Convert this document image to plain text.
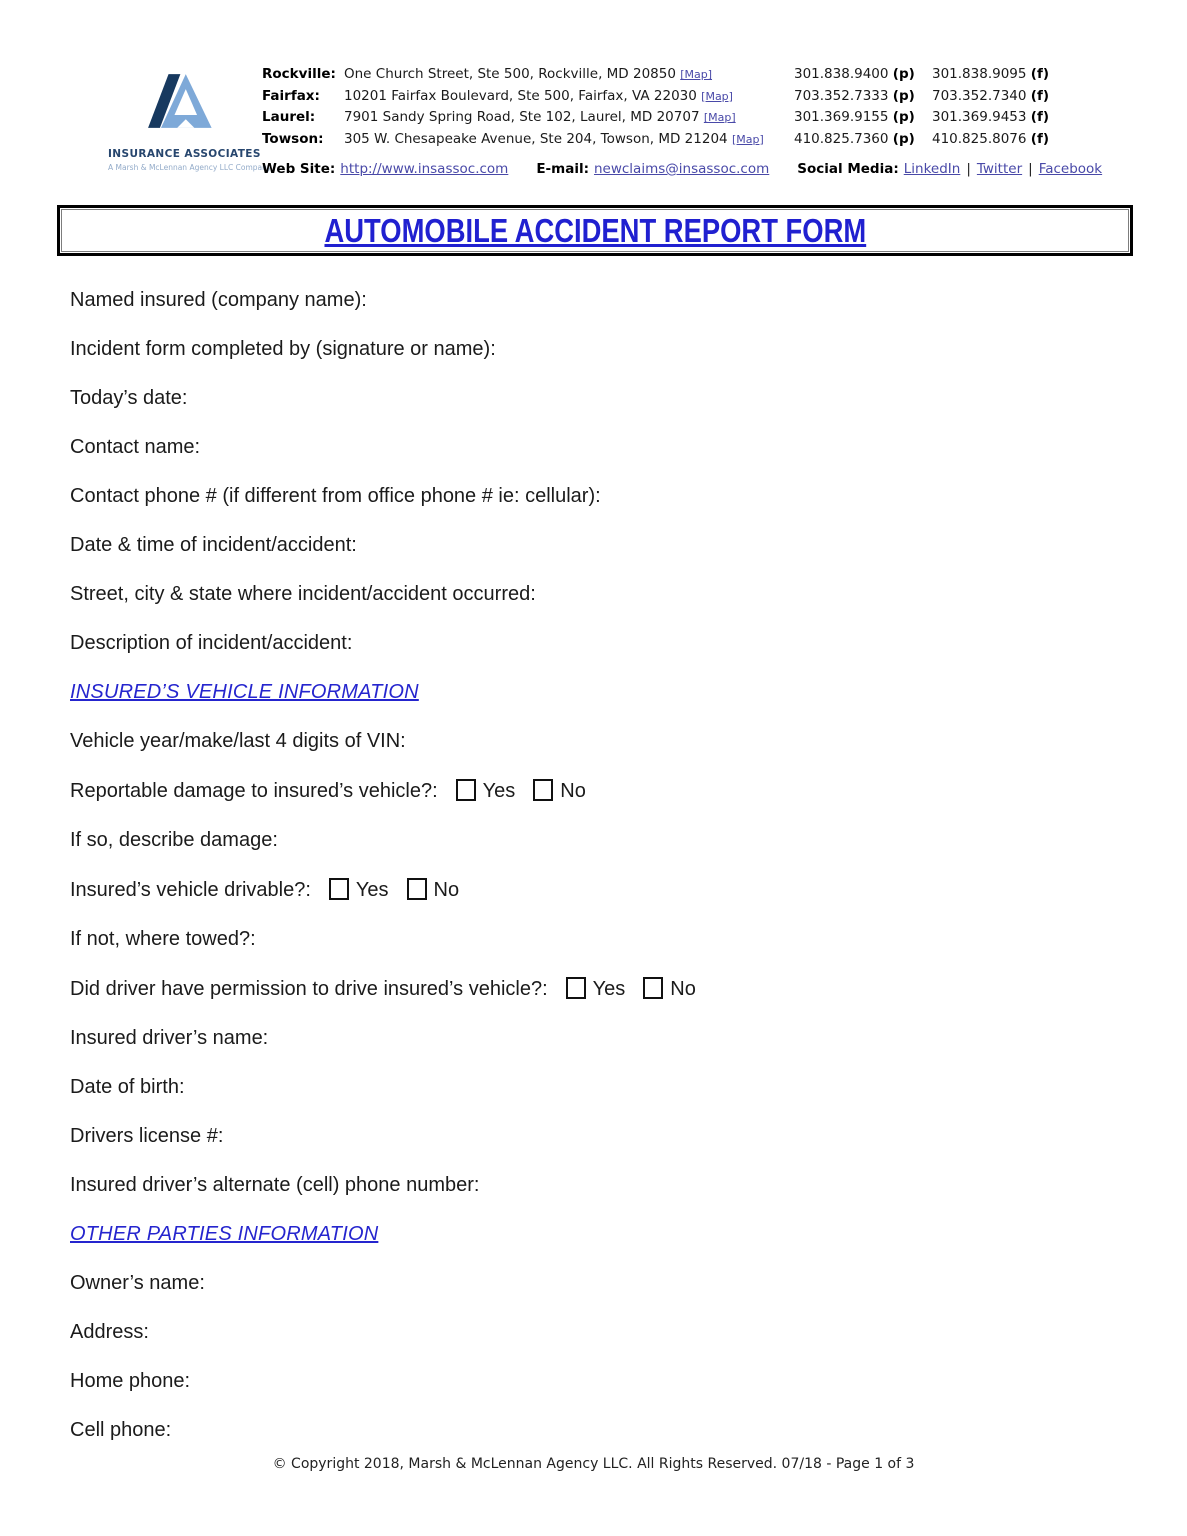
INSURANCE ASSOCIATES
A Marsh & McLennan Agency LLC Company
Rockville: One Church Street, Ste 500, Rockville, MD 20850 [Map]	301.838.9400 (p)	301.838.9095 (f)
Fairfax:	10201 Fairfax Boulevard, Ste 500, Fairfax, VA 22030 [Map]	703.352.7333 (p)	703.352.7340 (f)
Laurel:	7901 Sandy Spring Road, Ste 102, Laurel, MD 20707 [Map]	301.369.9155 (p)	301.369.9453 (f)
Towson:	305 W. Chesapeake Avenue, Ste 204, Towson, MD 21204 [Map]	410.825.7360 (p)	410.825.8076 (f)
Web Site: http://www.insassoc.com E-mail: newclaims@insassoc.com Social Media: LinkedIn | Twitter | Facebook
AUTOMOBILE ACCIDENT REPORT FORM
Named insured (company name):
Incident form completed by (signature or name):
Today’s date:
Contact name:
Contact phone # (if different from office phone # ie: cellular):
Date & time of incident/accident:
Street, city & state where incident/accident occurred:
Description of incident/accident:
INSURED’S VEHICLE INFORMATION
Vehicle year/make/last 4 digits of VIN:
Reportable damage to insured’s vehicle?: Yes No
If so, describe damage:
Insured’s vehicle drivable?: Yes No
If not, where towed?:
Did driver have permission to drive insured’s vehicle?: Yes No
Insured driver’s name:
Date of birth:
Drivers license #:
Insured driver’s alternate (cell) phone number:
OTHER PARTIES INFORMATION
Owner’s name:
Address:
Home phone:
Cell phone:
© Copyright 2018, Marsh & McLennan Agency LLC. All Rights Reserved. 07/18 - Page 1 of 3
